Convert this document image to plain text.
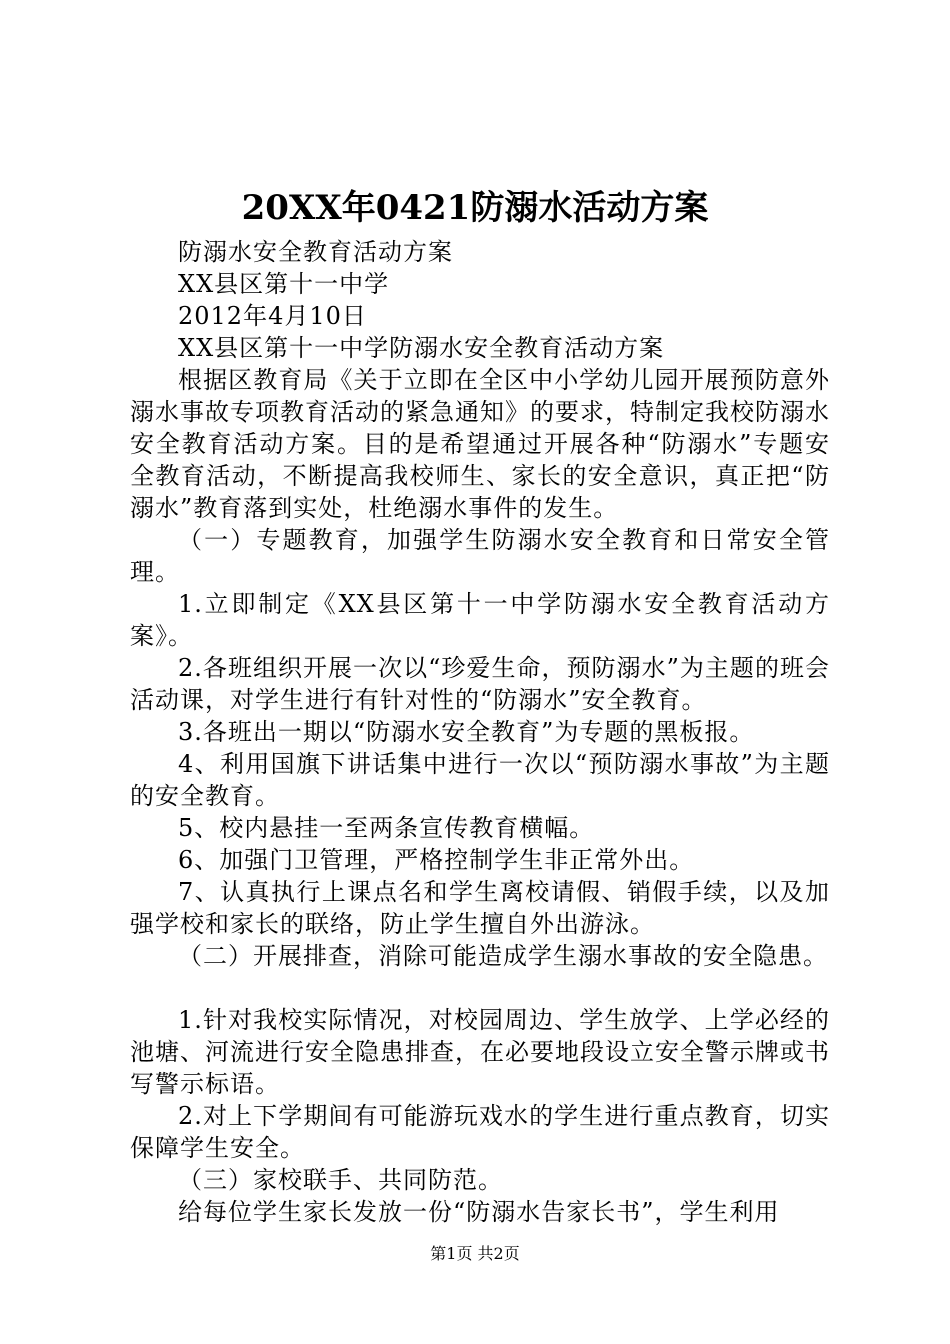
20XX年0421防溺水活动方案

防溺水安全教育活动方案

XX县区第十一中学

2012年4月10日

XX县区第十一中学防溺水安全教育活动方案

根据区教育局《关于立即在全区中小学幼儿园开展预防意外溺水事故专项教育活动的紧急通知》的要求，特制定我校防溺水安全教育活动方案。目的是希望通过开展各种“防溺水”专题安全教育活动，不断提高我校师生、家长的安全意识，真正把“防溺水”教育落到实处，杜绝溺水事件的发生。

（一）专题教育，加强学生防溺水安全教育和日常安全管理。

1.立即制定《XX县区第十一中学防溺水安全教育活动方案》。

2.各班组织开展一次以“珍爱生命，预防溺水”为主题的班会活动课，对学生进行有针对性的“防溺水”安全教育。

3.各班出一期以“防溺水安全教育”为专题的黑板报。

4、利用国旗下讲话集中进行一次以“预防溺水事故”为主题的安全教育。

5、校内悬挂一至两条宣传教育横幅。

6、加强门卫管理，严格控制学生非正常外出。

7、认真执行上课点名和学生离校请假、销假手续，以及加强学校和家长的联络，防止学生擅自外出游泳。

（二）开展排查，消除可能造成学生溺水事故的安全隐患。

1.针对我校实际情况，对校园周边、学生放学、上学必经的池塘、河流进行安全隐患排查，在必要地段设立安全警示牌或书写警示标语。

2.对上下学期间有可能游玩戏水的学生进行重点教育，切实保障学生安全。

（三）家校联手、共同防范。

给每位学生家长发放一份“防溺水告家长书”，学生利用

第1页 共2页
